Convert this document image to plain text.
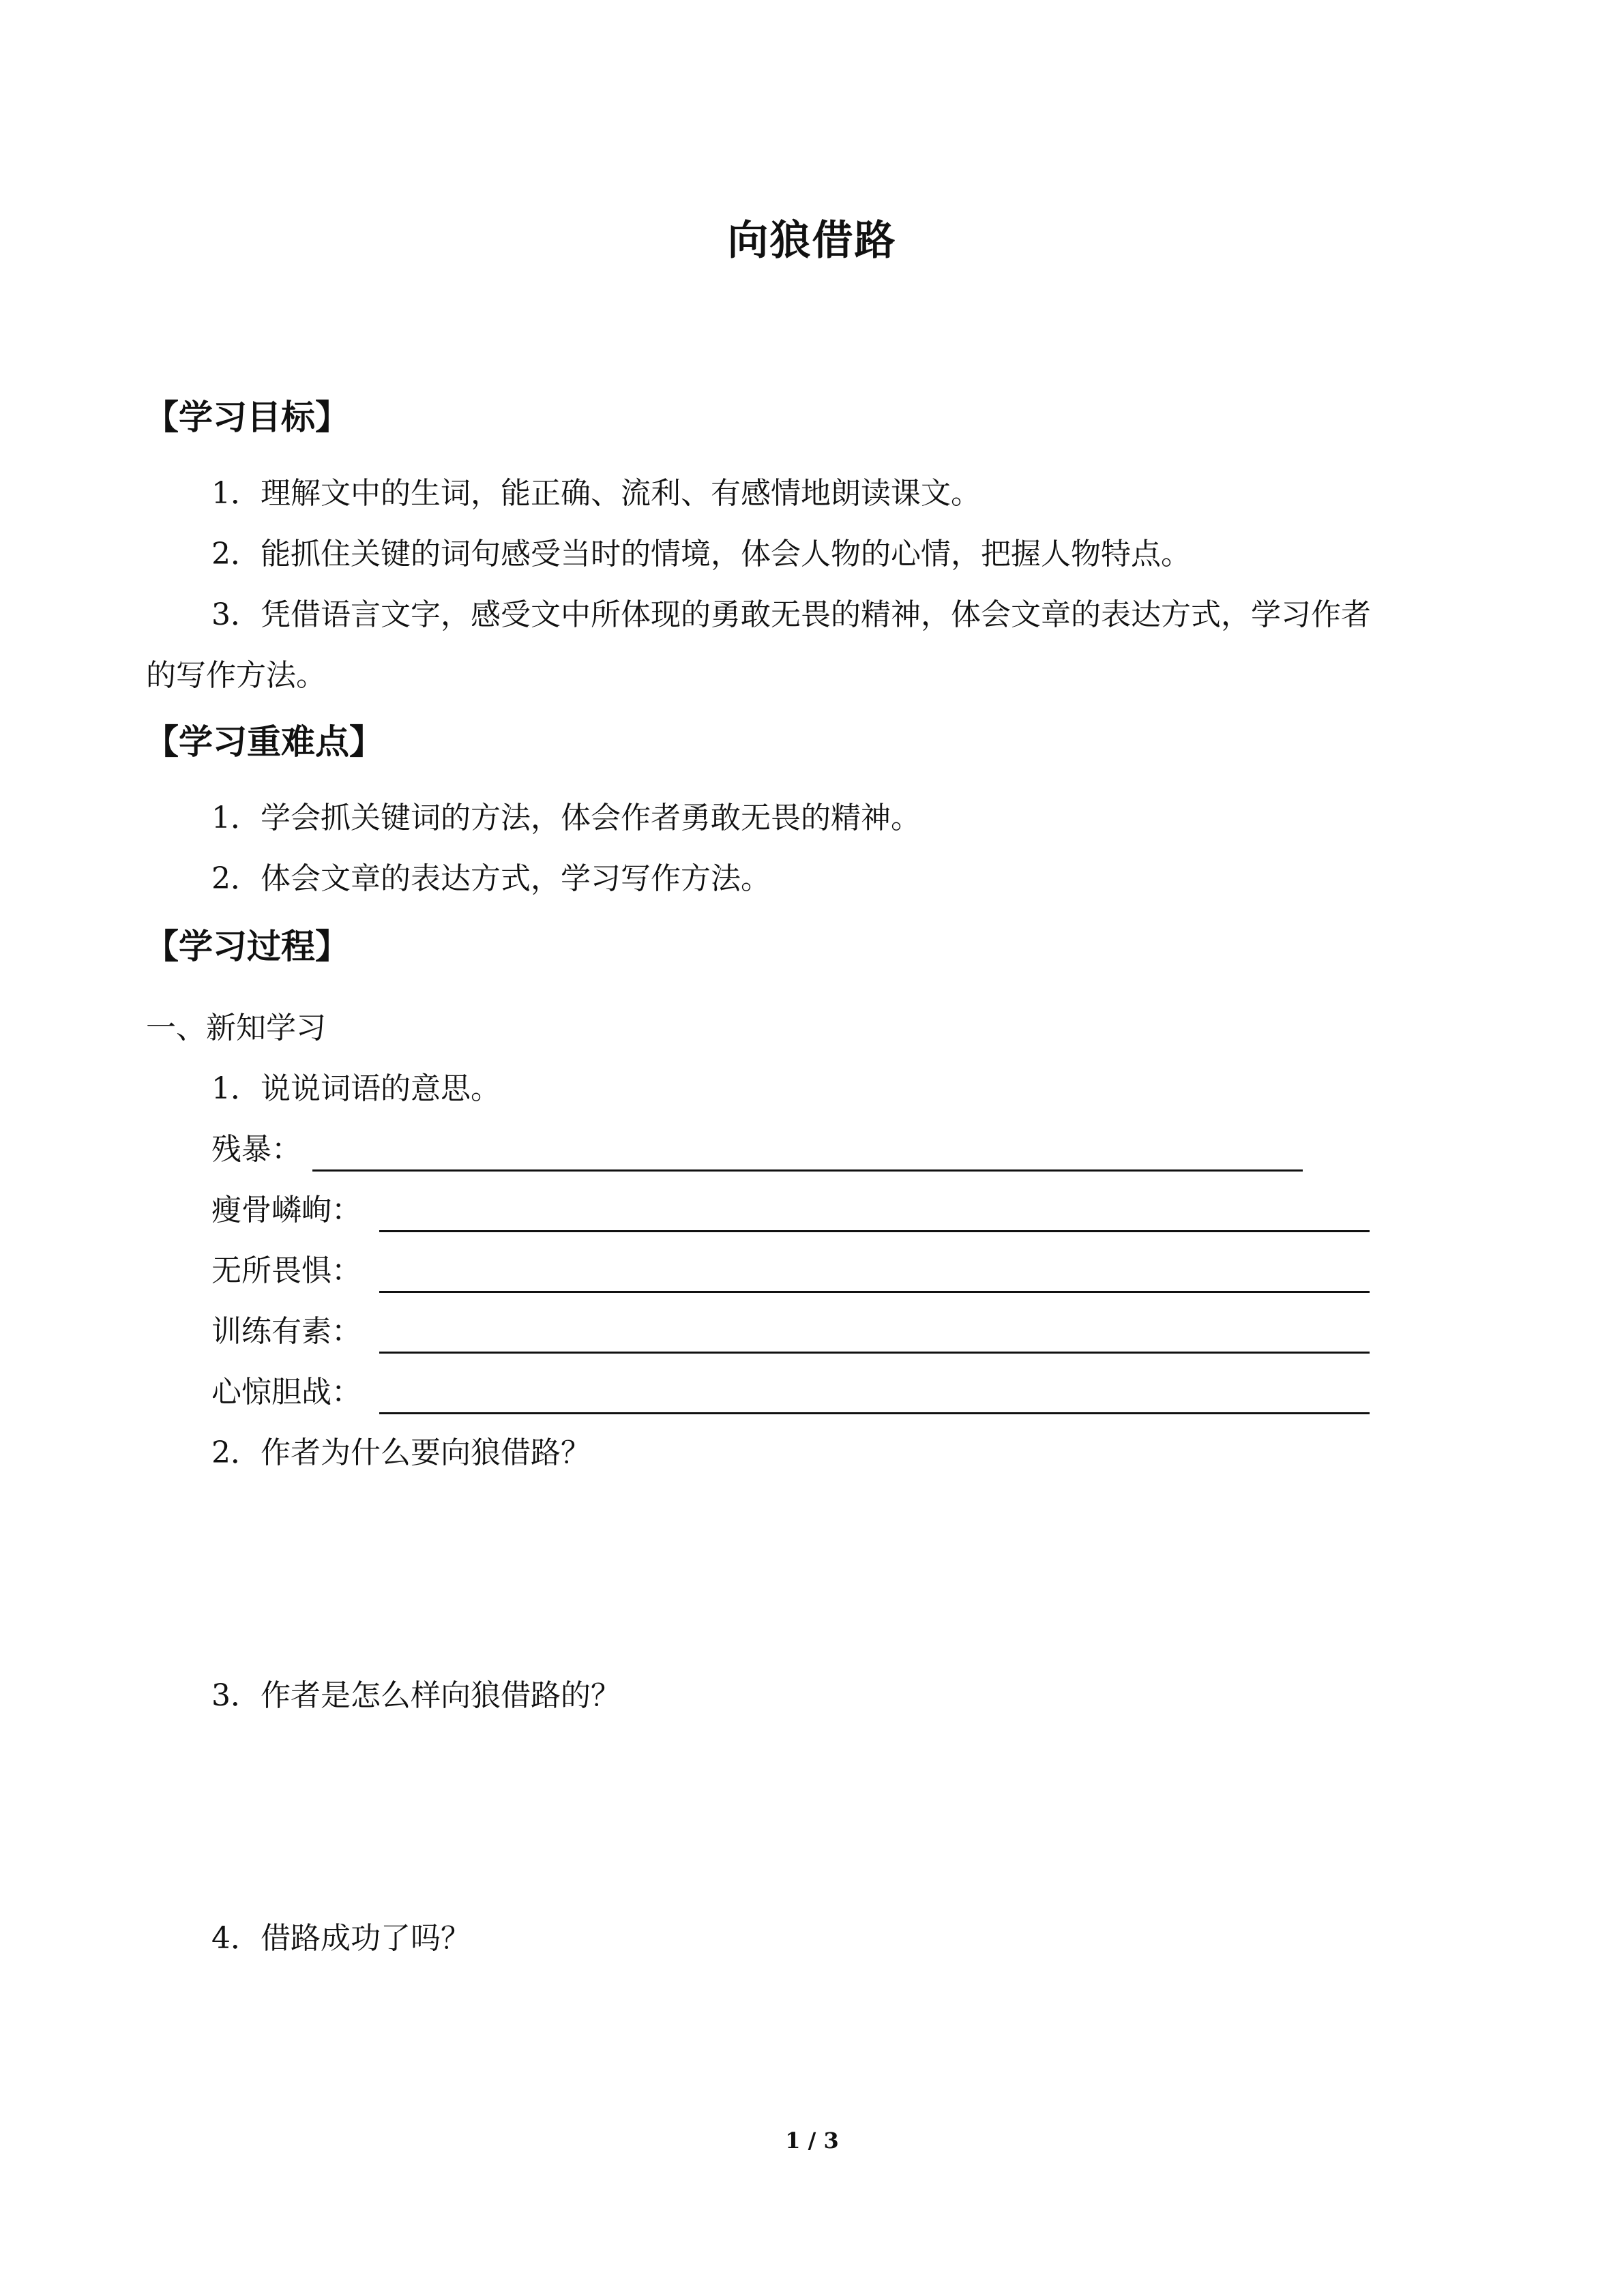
向狼借路
【学习目标】
1．理解文中的生词，能正确、流利、有感情地朗读课文。
2．能抓住关键的词句感受当时的情境，体会人物的心情，把握人物特点。
3．凭借语言文字，感受文中所体现的勇敢无畏的精神，体会文章的表达方式，学习作者
的写作方法。
【学习重难点】
1．学会抓关键词的方法，体会作者勇敢无畏的精神。
2．体会文章的表达方式，学习写作方法。
【学习过程】
一、新知学习
1．说说词语的意思。
残暴：
瘦骨嶙峋：
无所畏惧：
训练有素：
心惊胆战：
2．作者为什么要向狼借路？
3．作者是怎么样向狼借路的？
4．借路成功了吗？
1 / 3
